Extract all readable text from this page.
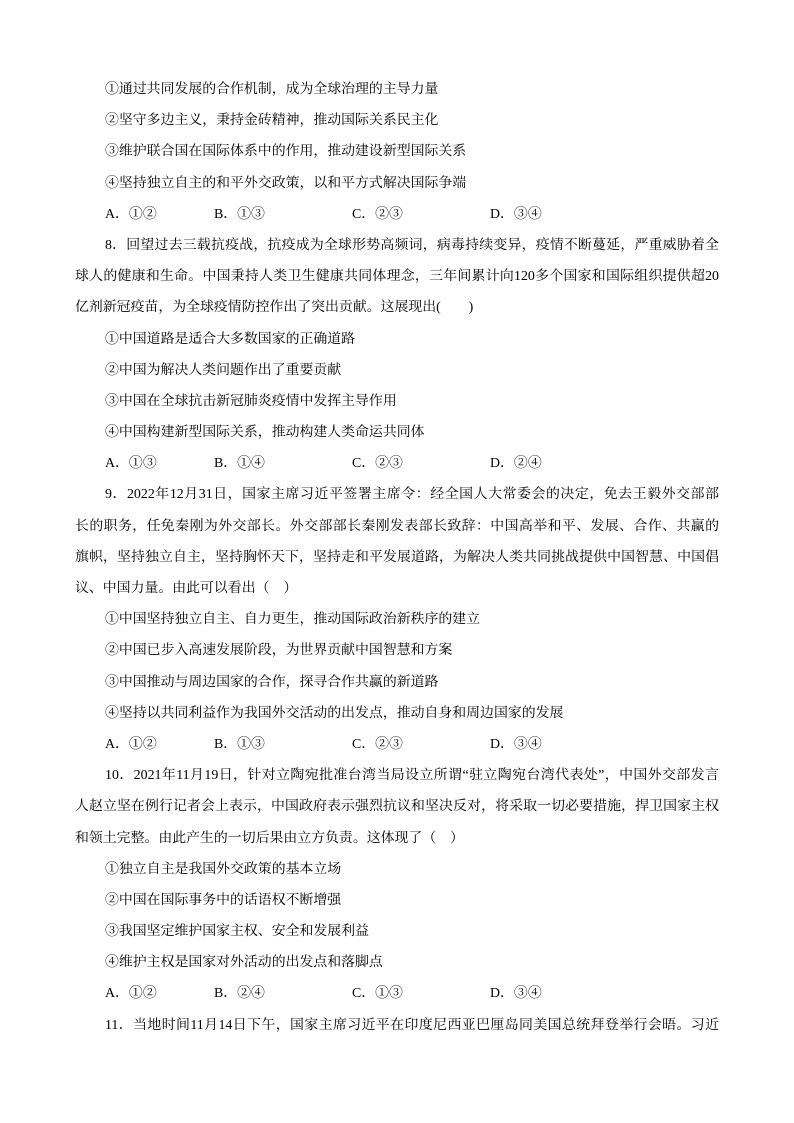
①通过共同发展的合作机制，成为全球治理的主导力量
②坚守多边主义，秉持金砖精神，推动国际关系民主化
③维护联合国在国际体系中的作用，推动建设新型国际关系
④坚持独立自主的和平外交政策，以和平方式解决国际争端
A．①②	B．①③	C．②③	D．③④
8．回望过去三载抗疫战，抗疫成为全球形势高频词，病毒持续变异，疫情不断蔓延，严重威胁着全
球人的健康和生命。中国秉持人类卫生健康共同体理念，三年间累计向120多个国家和国际组织提供超20
亿剂新冠疫苗，为全球疫情防控作出了突出贡献。这展现出(　　)
①中国道路是适合大多数国家的正确道路
②中国为解决人类问题作出了重要贡献
③中国在全球抗击新冠肺炎疫情中发挥主导作用
④中国构建新型国际关系，推动构建人类命运共同体
A．①③	B．①④	C．②③	D．②④
9．2022年12月31日，国家主席习近平签署主席令：经全国人大常委会的决定，免去王毅外交部部
长的职务，任免秦刚为外交部长。外交部部长秦刚发表部长致辞：中国高举和平、发展、合作、共赢的
旗帜，坚持独立自主，坚持胸怀天下，坚持走和平发展道路，为解决人类共同挑战提供中国智慧、中国倡
议、中国力量。由此可以看出（　）
①中国坚持独立自主、自力更生，推动国际政治新秩序的建立
②中国已步入高速发展阶段，为世界贡献中国智慧和方案
③中国推动与周边国家的合作，探寻合作共赢的新道路
④坚持以共同利益作为我国外交活动的出发点，推动自身和周边国家的发展
A．①②	B．①③	C．②③	D．③④
10．2021年11月19日，针对立陶宛批准台湾当局设立所谓“驻立陶宛台湾代表处”，中国外交部发言
人赵立坚在例行记者会上表示，中国政府表示强烈抗议和坚决反对，将采取一切必要措施，捍卫国家主权
和领土完整。由此产生的一切后果由立方负责。这体现了（　）
①独立自主是我国外交政策的基本立场
②中国在国际事务中的话语权不断增强
③我国坚定维护国家主权、安全和发展利益
④维护主权是国家对外活动的出发点和落脚点
A．①②	B．②④	C．①③	D．③④
11．当地时间11月14日下午，国家主席习近平在印度尼西亚巴厘岛同美国总统拜登举行会晤。习近
